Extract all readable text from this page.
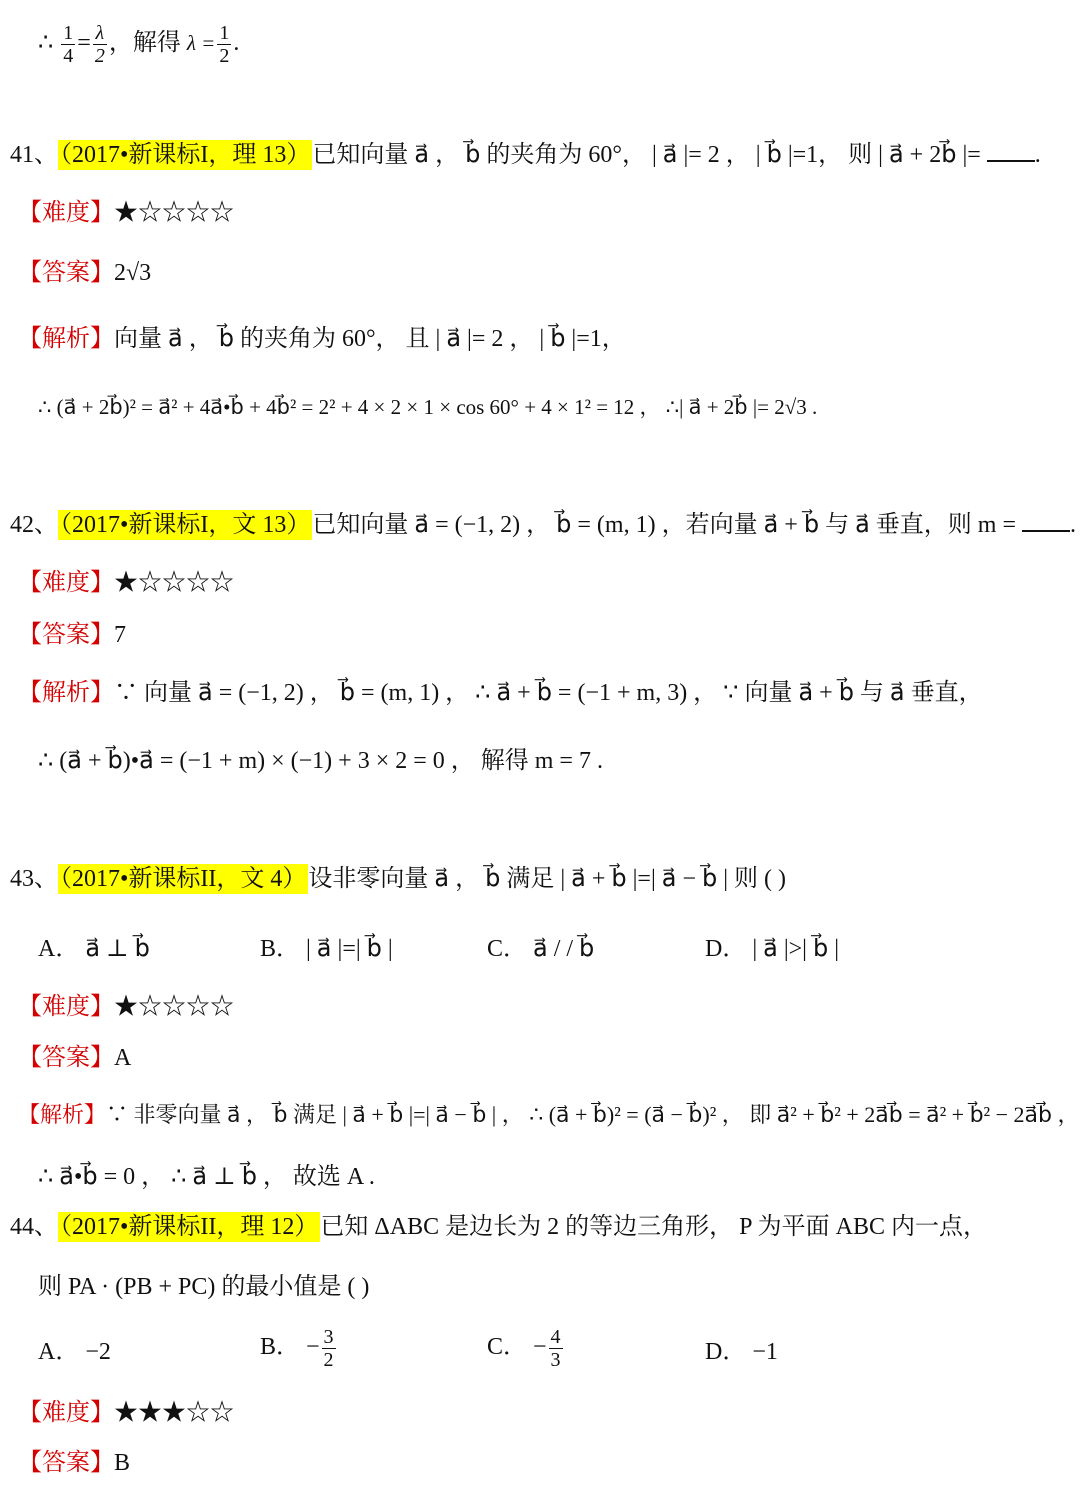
∴ $\frac{1}{4} = \frac{\lambda}{2}$ ，解得 $\lambda = \frac{1}{2}$ .
41、（2017•新课标I，理 13）已知向量 a⃗ ， b⃗ 的夹角为 60°， | a⃗ |= 2 ， | b⃗ |=1， 则 | a⃗ + 2b⃗ |= .
【难度】★☆☆☆☆
【答案】2√3
【解析】向量 a⃗ ， b⃗ 的夹角为 60°， 且 | a⃗ |= 2 ， | b⃗ |=1，
∴ (a⃗ + 2b⃗)² = a⃗² + 4a⃗•b⃗ + 4b⃗² = 2² + 4 × 2 × 1 × cos 60° + 4 × 1² = 12 ， ∴| a⃗ + 2b⃗ |= 2√3 .
42、（2017•新课标I，文 13）已知向量 a⃗ = (−1, 2) ， b⃗ = (m, 1) ，若向量 a⃗ + b⃗ 与 a⃗ 垂直，则 m = .
【难度】★☆☆☆☆
【答案】7
【解析】∵ 向量 a⃗ = (−1, 2) ， b⃗ = (m, 1) ， ∴ a⃗ + b⃗ = (−1 + m, 3) ， ∵ 向量 a⃗ + b⃗ 与 a⃗ 垂直，
∴ (a⃗ + b⃗)•a⃗ = (−1 + m) × (−1) + 3 × 2 = 0 ， 解得 m = 7 .
43、（2017•新课标II，文 4）设非零向量 a⃗ ， b⃗ 满足 | a⃗ + b⃗ |=| a⃗ − b⃗ | 则 ( )
A． a⃗ ⊥ b⃗	B． | a⃗ |=| b⃗ |	C． a⃗ / / b⃗	D． | a⃗ |>| b⃗ |
【难度】★☆☆☆☆
【答案】A
【解析】∵ 非零向量 a⃗ ， b⃗ 满足 | a⃗ + b⃗ |=| a⃗ − b⃗ | ， ∴ (a⃗ + b⃗)² = (a⃗ − b⃗)² ， 即 a⃗² + b⃗² + 2a⃗b⃗ = a⃗² + b⃗² − 2a⃗b⃗ ，
∴ a⃗•b⃗ = 0 ， ∴ a⃗ ⊥ b⃗ ， 故选 A .
44、（2017•新课标II，理 12）已知 ΔABC 是边长为 2 的等边三角形， P 为平面 ABC 内一点，
则 PA · (PB + PC) 的最小值是 ( )
A． −2	B． − $\frac{3}{2}$	C． − $\frac{4}{3}$	D． −1
【难度】★★★☆☆
【答案】B
